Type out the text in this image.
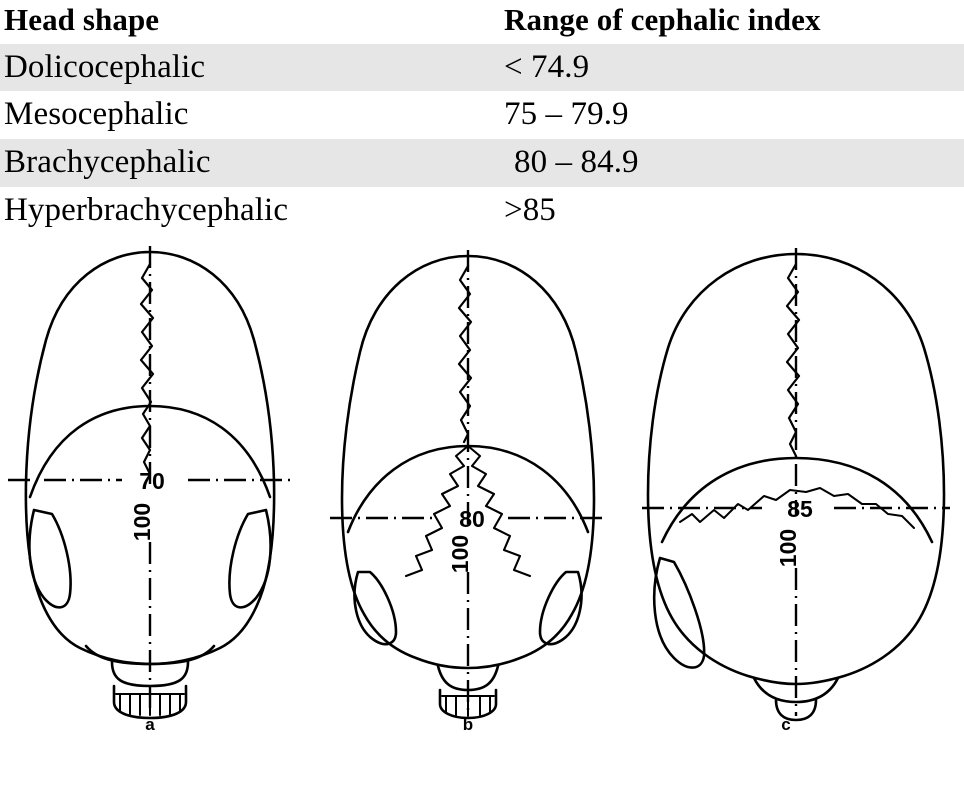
Head shape	Range of cephalic index
Dolicocephalic	< 74.9
Mesocephalic	75 – 79.9
Brachycephalic	80 – 84.9
Hyperbrachycephalic	>85
70
100
a
80
100
b
85
100
c
